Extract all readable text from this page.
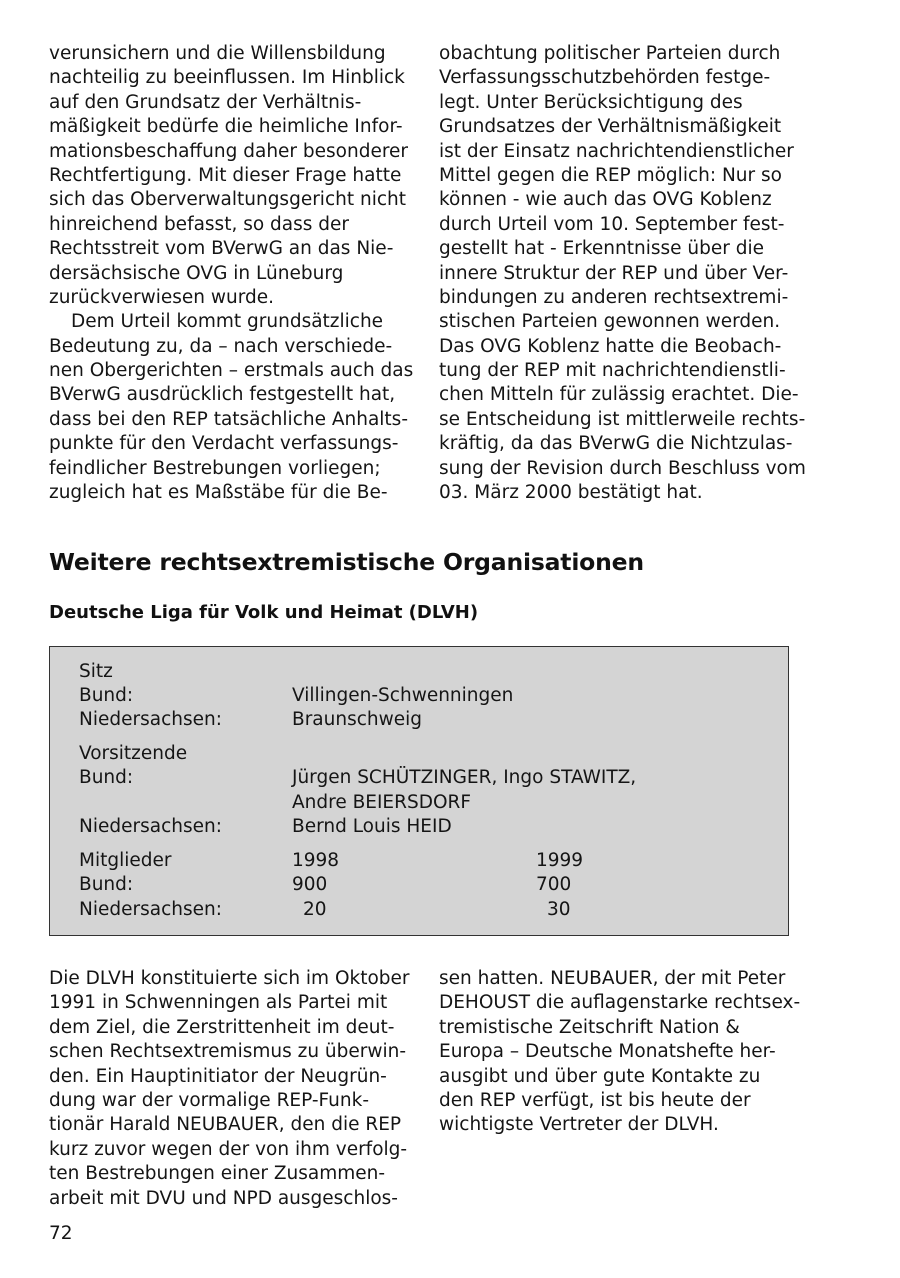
verunsichern und die Willensbildung
nachteilig zu beeinflussen. Im Hinblick
auf den Grundsatz der Verhältnis-
mäßigkeit bedürfe die heimliche Infor-
mationsbeschaffung daher besonderer
Rechtfertigung. Mit dieser Frage hatte
sich das Oberverwaltungsgericht nicht
hinreichend befasst, so dass der
Rechtsstreit vom BVerwG an das Nie-
dersächsische OVG in Lüneburg
zurückverwiesen wurde.
Dem Urteil kommt grundsätzliche
Bedeutung zu, da – nach verschiede-
nen Obergerichten – erstmals auch das
BVerwG ausdrücklich festgestellt hat,
dass bei den REP tatsächliche Anhalts-
punkte für den Verdacht verfassungs-
feindlicher Bestrebungen vorliegen;
zugleich hat es Maßstäbe für die Be-
obachtung politischer Parteien durch
Verfassungsschutzbehörden festge-
legt. Unter Berücksichtigung des
Grundsatzes der Verhältnismäßigkeit
ist der Einsatz nachrichtendienstlicher
Mittel gegen die REP möglich: Nur so
können - wie auch das OVG Koblenz
durch Urteil vom 10. September fest-
gestellt hat - Erkenntnisse über die
innere Struktur der REP und über Ver-
bindungen zu anderen rechtsextremi-
stischen Parteien gewonnen werden.
Das OVG Koblenz hatte die Beobach-
tung der REP mit nachrichtendienstli-
chen Mitteln für zulässig erachtet. Die-
se Entscheidung ist mittlerweile rechts-
kräftig, da das BVerwG die Nichtzulas-
sung der Revision durch Beschluss vom
03. März 2000 bestätigt hat.
Weitere rechtsextremistische Organisationen
Deutsche Liga für Volk und Heimat (DLVH)
Sitz
Bund:	Villingen-Schwenningen
Niedersachsen:	Braunschweig
Vorsitzende
Bund:	Jürgen SCHÜTZINGER, Ingo STAWITZ,
Andre BEIERSDORF
Niedersachsen:	Bernd Louis HEID
Mitglieder	1998	1999
Bund:	900	700
Niedersachsen:	20	30
Die DLVH konstituierte sich im Oktober
1991 in Schwenningen als Partei mit
dem Ziel, die Zerstrittenheit im deut-
schen Rechtsextremismus zu überwin-
den. Ein Hauptinitiator der Neugrün-
dung war der vormalige REP-Funk-
tionär Harald NEUBAUER, den die REP
kurz zuvor wegen der von ihm verfolg-
ten Bestrebungen einer Zusammen-
arbeit mit DVU und NPD ausgeschlos-
sen hatten. NEUBAUER, der mit Peter
DEHOUST die auflagenstarke rechtsex-
tremistische Zeitschrift Nation &
Europa – Deutsche Monatshefte her-
ausgibt und über gute Kontakte zu
den REP verfügt, ist bis heute der
wichtigste Vertreter der DLVH.
72
